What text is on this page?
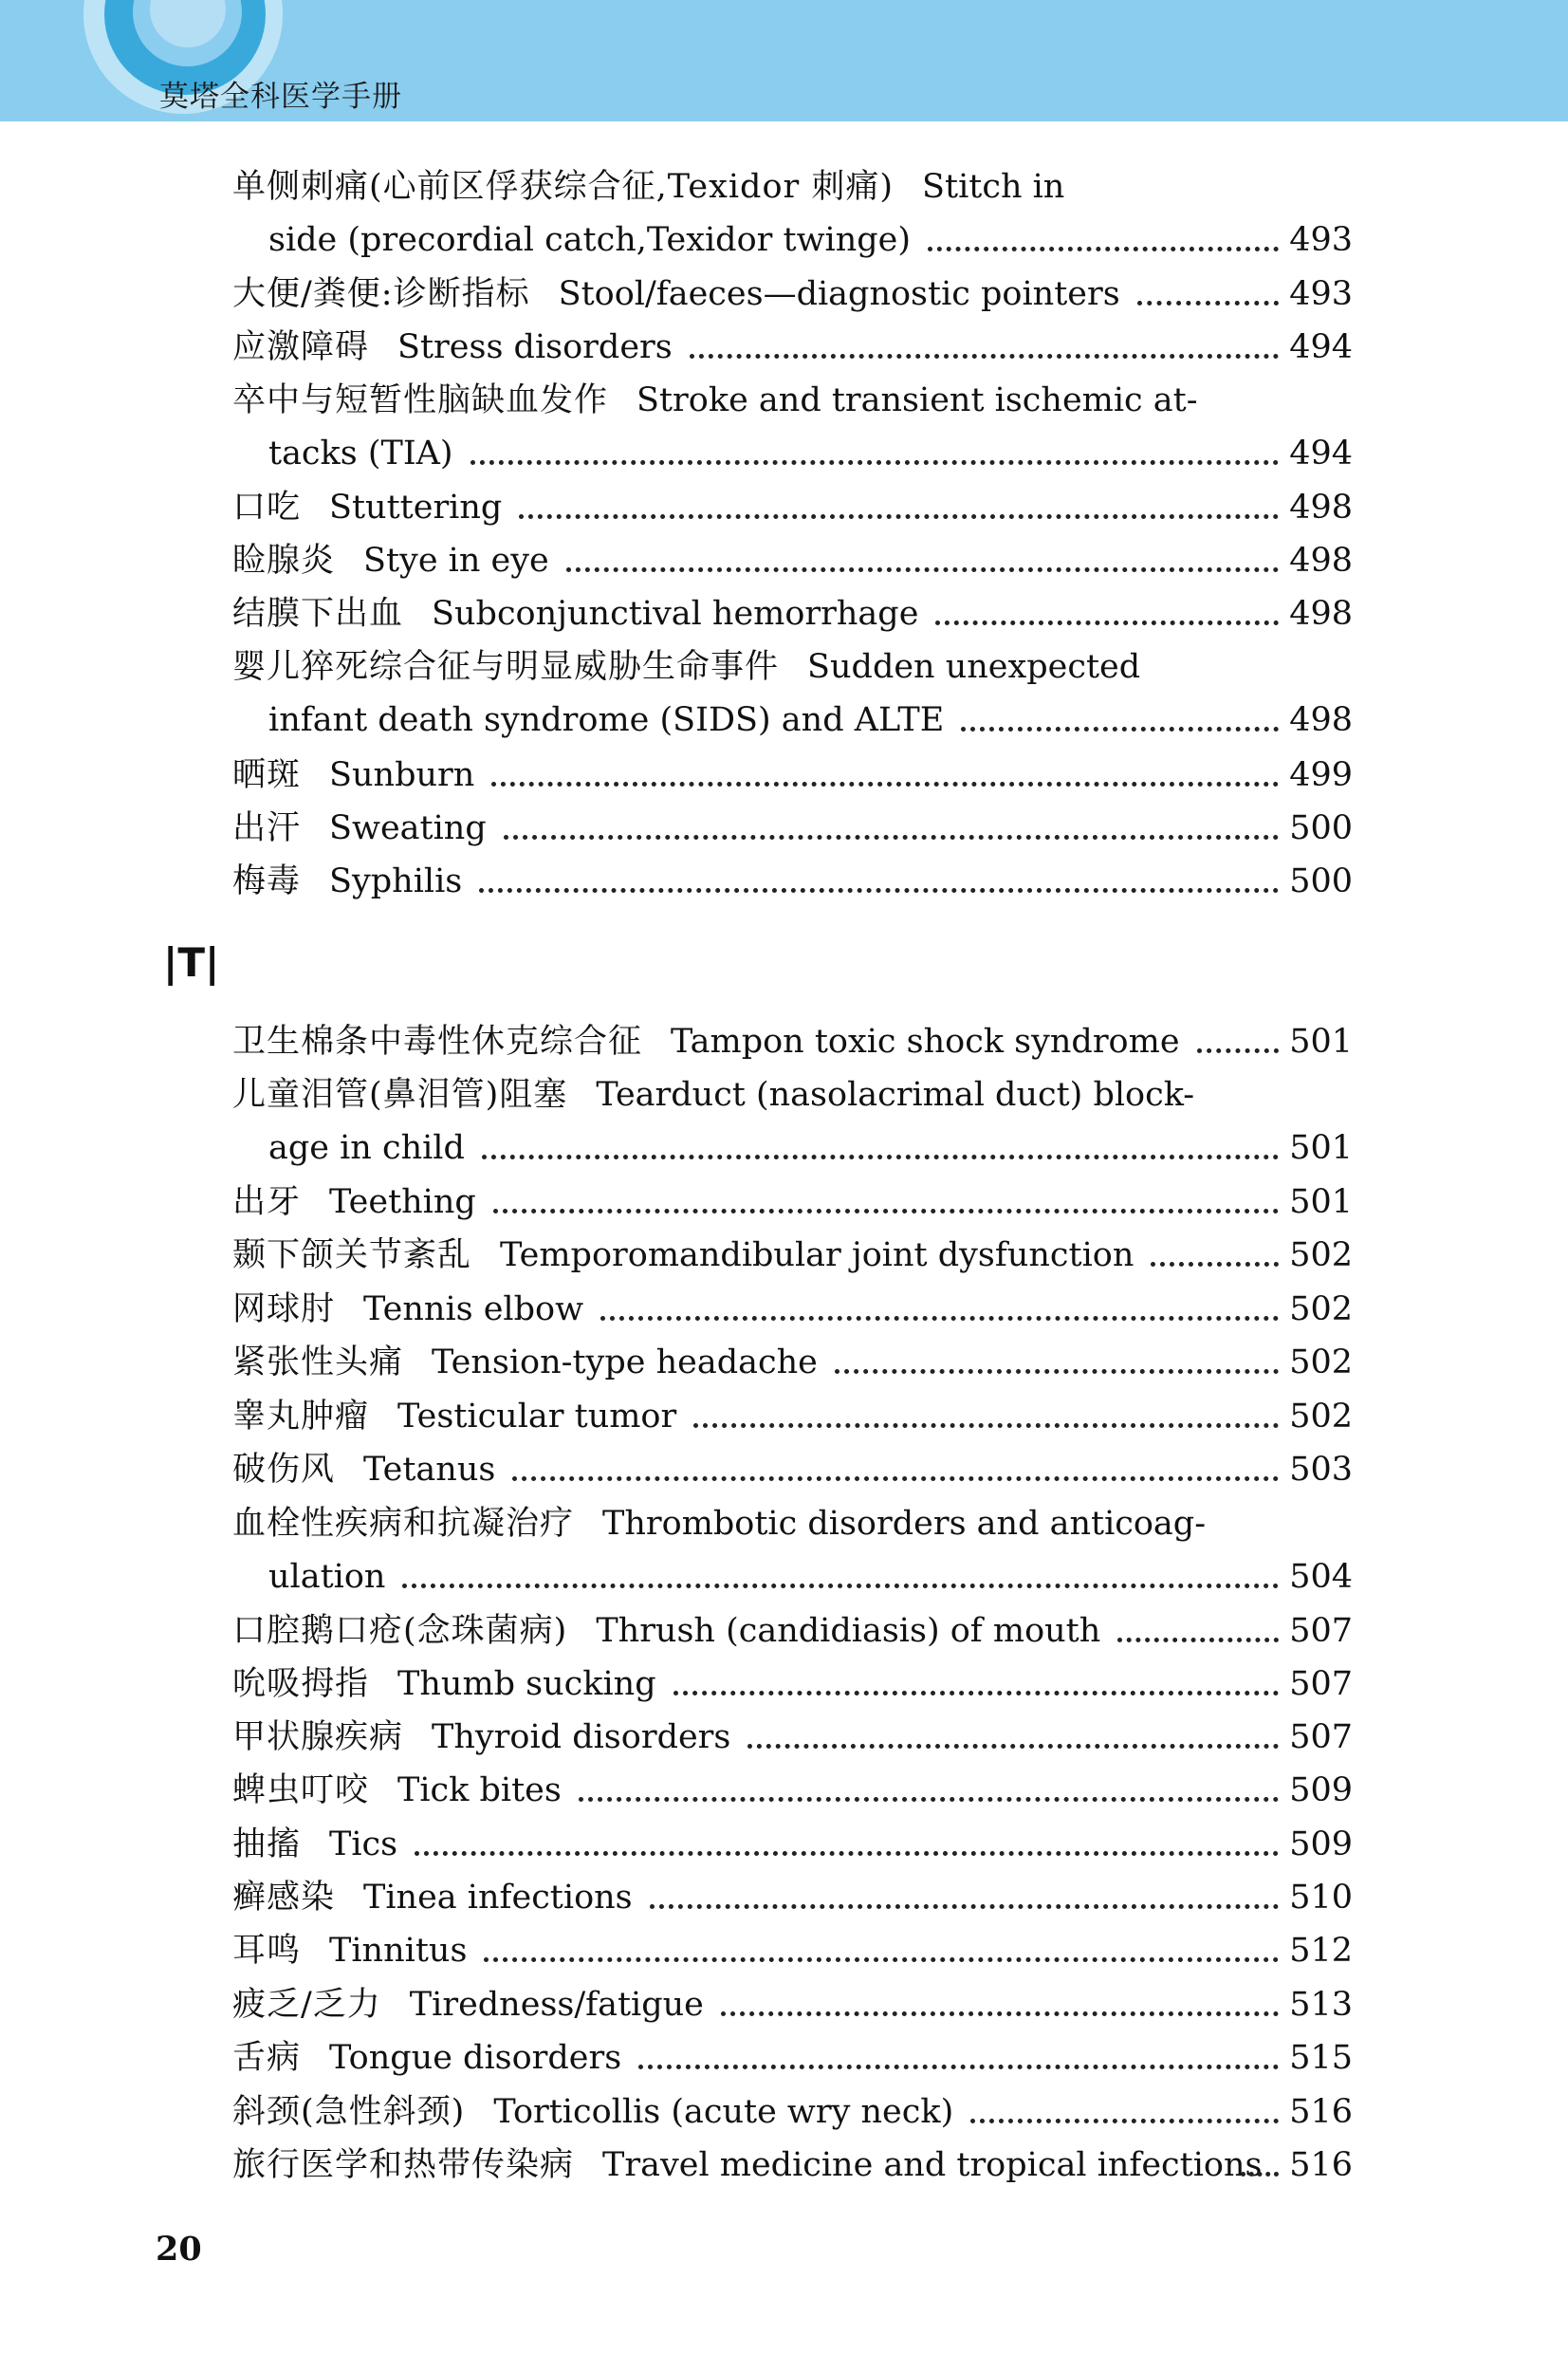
莫塔全科医学手册
单侧刺痛(心前区俘获综合征,Texidor 刺痛) Stitch in
side (precordial catch,Texidor twinge)	493
大便/粪便:诊断指标 Stool/faeces—diagnostic pointers	493
应激障碍 Stress disorders	494
卒中与短暂性脑缺血发作 Stroke and transient ischemic at-
tacks (TIA)	494
口吃 Stuttering	498
睑腺炎 Stye in eye	498
结膜下出血 Subconjunctival hemorrhage	498
婴儿猝死综合征与明显威胁生命事件 Sudden unexpected
infant death syndrome (SIDS) and ALTE	498
晒斑 Sunburn	499
出汗 Sweating	500
梅毒 Syphilis	500
卫生棉条中毒性休克综合征 Tampon toxic shock syndrome	501
儿童泪管(鼻泪管)阻塞 Tearduct (nasolacrimal duct) block-
age in child	501
出牙 Teething	501
颞下颌关节紊乱 Temporomandibular joint dysfunction	502
网球肘 Tennis elbow	502
紧张性头痛 Tension-type headache	502
睾丸肿瘤 Testicular tumor	502
破伤风 Tetanus	503
血栓性疾病和抗凝治疗 Thrombotic disorders and anticoag-
ulation	504
口腔鹅口疮(念珠菌病) Thrush (candidiasis) of mouth	507
吮吸拇指 Thumb sucking	507
甲状腺疾病 Thyroid disorders	507
蜱虫叮咬 Tick bites	509
抽搐 Tics	509
癣感染 Tinea infections	510
耳鸣 Tinnitus	512
疲乏/乏力 Tiredness/fatigue	513
舌病 Tongue disorders	515
斜颈(急性斜颈) Torticollis (acute wry neck)	516
旅行医学和热带传染病 Travel medicine and tropical infections 516
|T|
20
